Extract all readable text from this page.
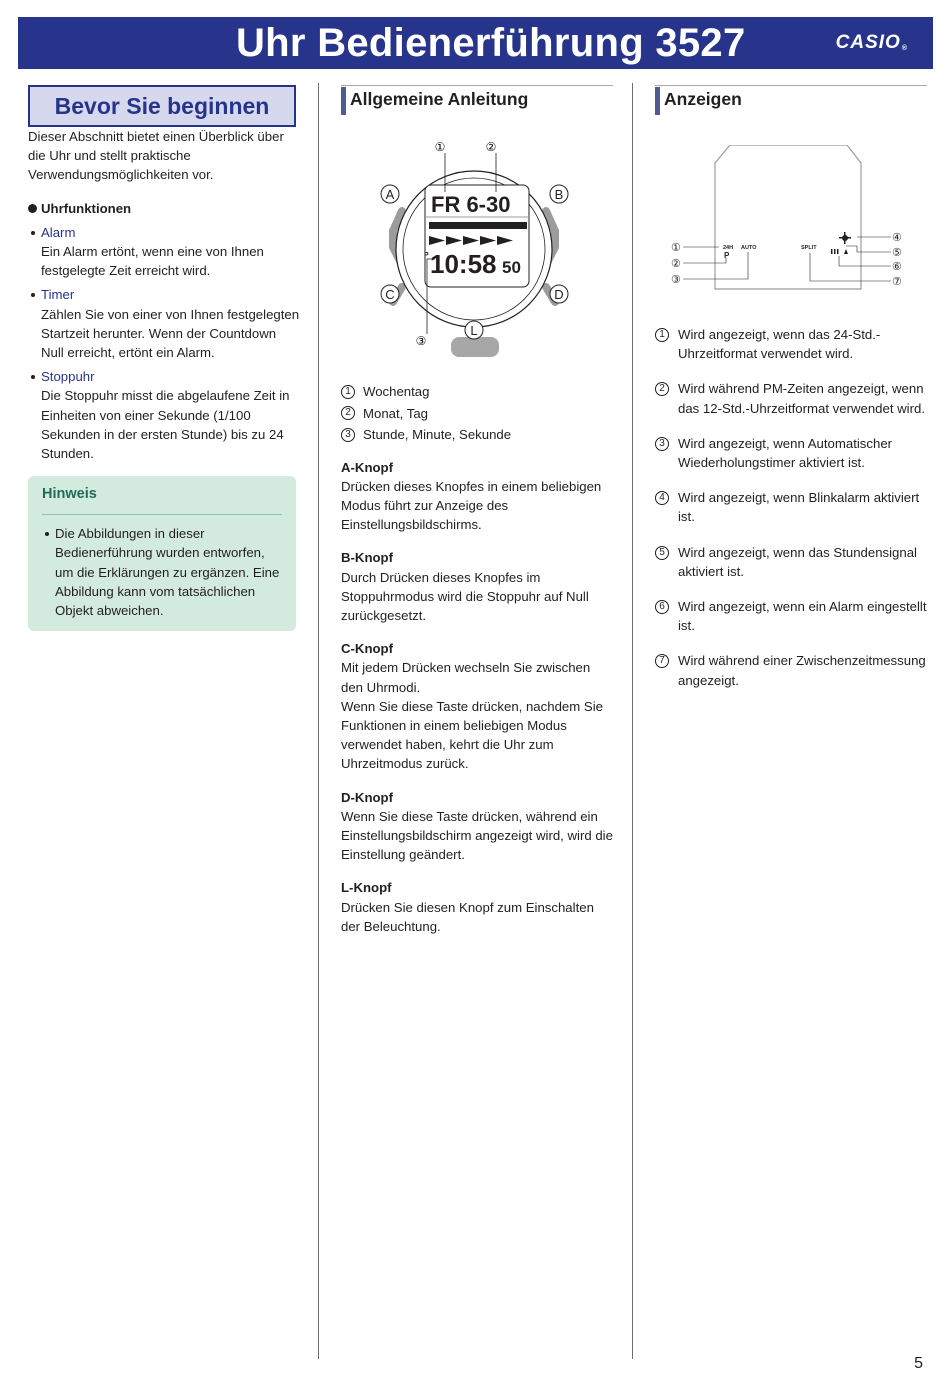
Uhr Bedienerführung 3527	CASIO®
Bevor Sie beginnen

Dieser Abschnitt bietet einen Überblick über die Uhr und stellt praktische Verwendungsmöglichkeiten vor.

Uhrfunktionen
Alarm

Ein Alarm ertönt, wenn eine von Ihnen festgelegte Zeit erreicht wird.

Timer

Zählen Sie von einer von Ihnen festgelegten Startzeit herunter. Wenn der Countdown Null erreicht, ertönt ein Alarm.

Stoppuhr

Die Stoppuhr misst die abgelaufene Zeit in Einheiten von einer Sekunde (1/100 Sekunden in der ersten Stunde) bis zu 24 Stunden.

Hinweis
Die Abbildungen in dieser Bedienerführung wurden entworfen, um die Erklärungen zu ergänzen. Eine Abbildung kann vom tatsächlichen Objekt abweichen.
Allgemeine Anleitung
FR 6-30
P 10:58 50
①	②
③
A	B
C	D
L
1 Wochentag
2 Monat, Tag
3 Stunde, Minute, Sekunde
A-Knopf

Drücken dieses Knopfes in einem beliebigen Modus führt zur Anzeige des Einstellungsbildschirms.

B-Knopf

Durch Drücken dieses Knopfes im Stoppuhrmodus wird die Stoppuhr auf Null zurückgesetzt.

C-Knopf

Mit jedem Drücken wechseln Sie zwischen den Uhrmodi.

Wenn Sie diese Taste drücken, nachdem Sie Funktionen in einem beliebigen Modus verwendet haben, kehrt die Uhr zum Uhrzeitmodus zurück.

D-Knopf

Wenn Sie diese Taste drücken, während ein Einstellungsbildschirm angezeigt wird, wird die Einstellung geändert.

L-Knopf

Drücken Sie diesen Knopf zum Einschalten der Beleuchtung.

Anzeigen
24H
P
AUTO	SPLIT
①
②
③
④
⑤
⑥
⑦
1	Wird angezeigt, wenn das 24-Std.-Uhrzeitformat verwendet wird.
2	Wird während PM-Zeiten angezeigt, wenn das 12-Std.-Uhrzeitformat verwendet wird.
3	Wird angezeigt, wenn Automatischer Wiederholungstimer aktiviert ist.
4	Wird angezeigt, wenn Blinkalarm aktiviert ist.
5	Wird angezeigt, wenn das Stundensignal aktiviert ist.
6	Wird angezeigt, wenn ein Alarm eingestellt ist.
7	Wird während einer Zwischenzeitmessung angezeigt.
5
